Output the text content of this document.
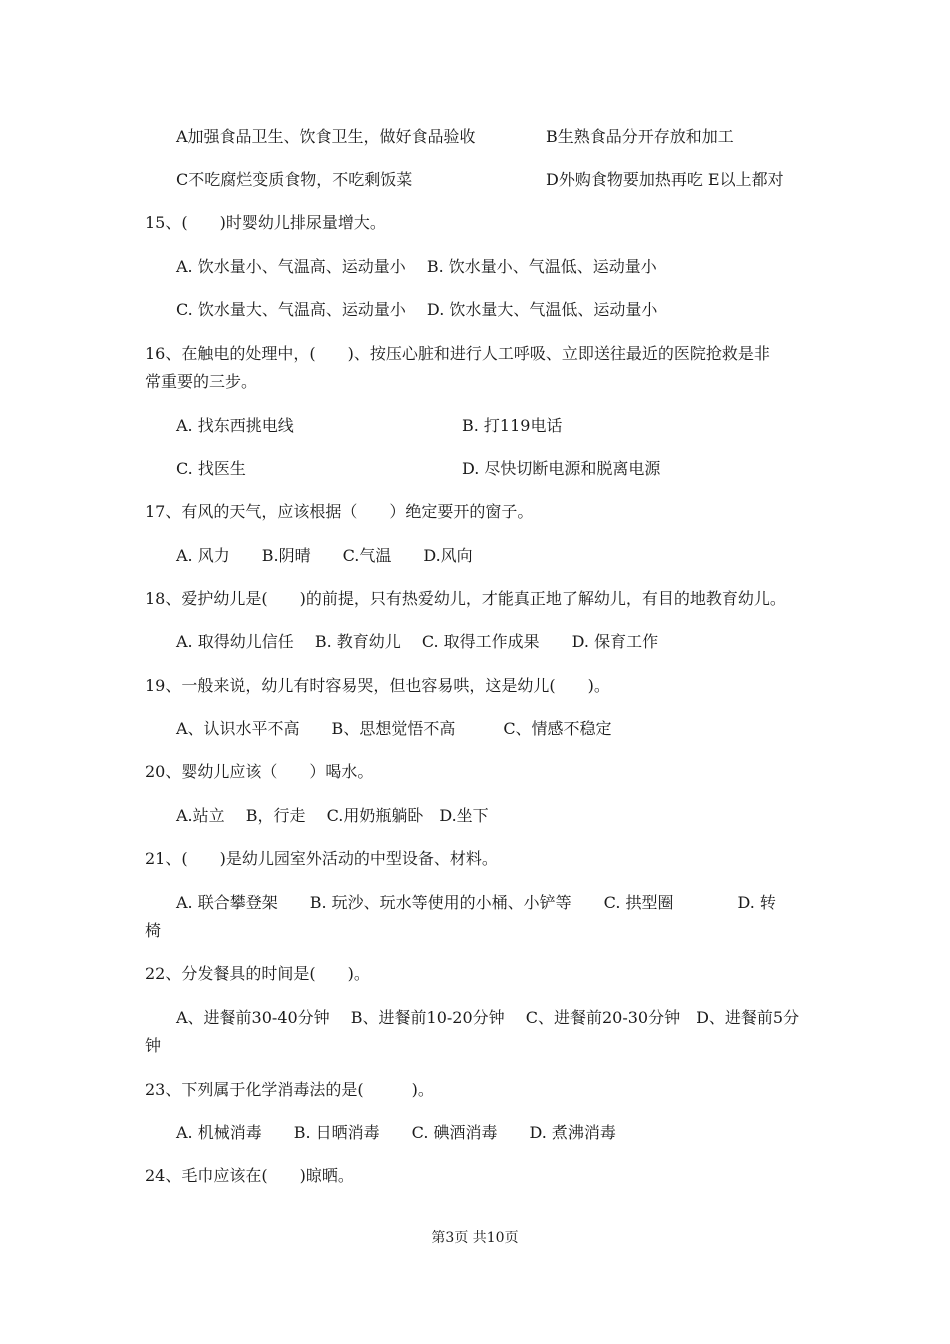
A加强食品卫生、饮食卫生，做好食品验收	B生熟食品分开存放和加工
C不吃腐烂变质食物，不吃剩饭菜	D外购食物要加热再吃 E以上都对
15、(　　)时婴幼儿排尿量增大。
A. 饮水量小、气温高、运动量小　 B. 饮水量小、气温低、运动量小
C. 饮水量大、气温高、运动量小　 D. 饮水量大、气温低、运动量小
16、在触电的处理中，(　　)、按压心脏和进行人工呼吸、立即送往最近的医院抢救是非
常重要的三步。
A. 找东西挑电线	B. 打119电话
C. 找医生	D. 尽快切断电源和脱离电源
17、有风的天气，应该根据（　　）绝定要开的窗子。
A. 风力　　B.阴晴　　C.气温　　D.风向
18、爱护幼儿是(　　)的前提，只有热爱幼儿，才能真正地了解幼儿，有目的地教育幼儿。
A. 取得幼儿信任　 B. 教育幼儿　 C. 取得工作成果　　D. 保育工作
19、一般来说，幼儿有时容易哭，但也容易哄，这是幼儿(　　)。
A、认识水平不高　　B、思想觉悟不高　　　C、情感不稳定
20、婴幼儿应该（　　）喝水。
A.站立　 B，行走　 C.用奶瓶躺卧　D.坐下
21、(　　)是幼儿园室外活动的中型设备、材料。
A. 联合攀登架　　B. 玩沙、玩水等使用的小桶、小铲等　　C. 拱型圈　　　　D. 转
椅
22、分发餐具的时间是(　　)。
A、进餐前30-40分钟　 B、进餐前10-20分钟　 C、进餐前20-30分钟　D、进餐前5分
钟
23、下列属于化学消毒法的是(　　　)。
A. 机械消毒　　B. 日晒消毒　　C. 碘酒消毒　　D. 煮沸消毒
24、毛巾应该在(　　)晾晒。
第3页 共10页
